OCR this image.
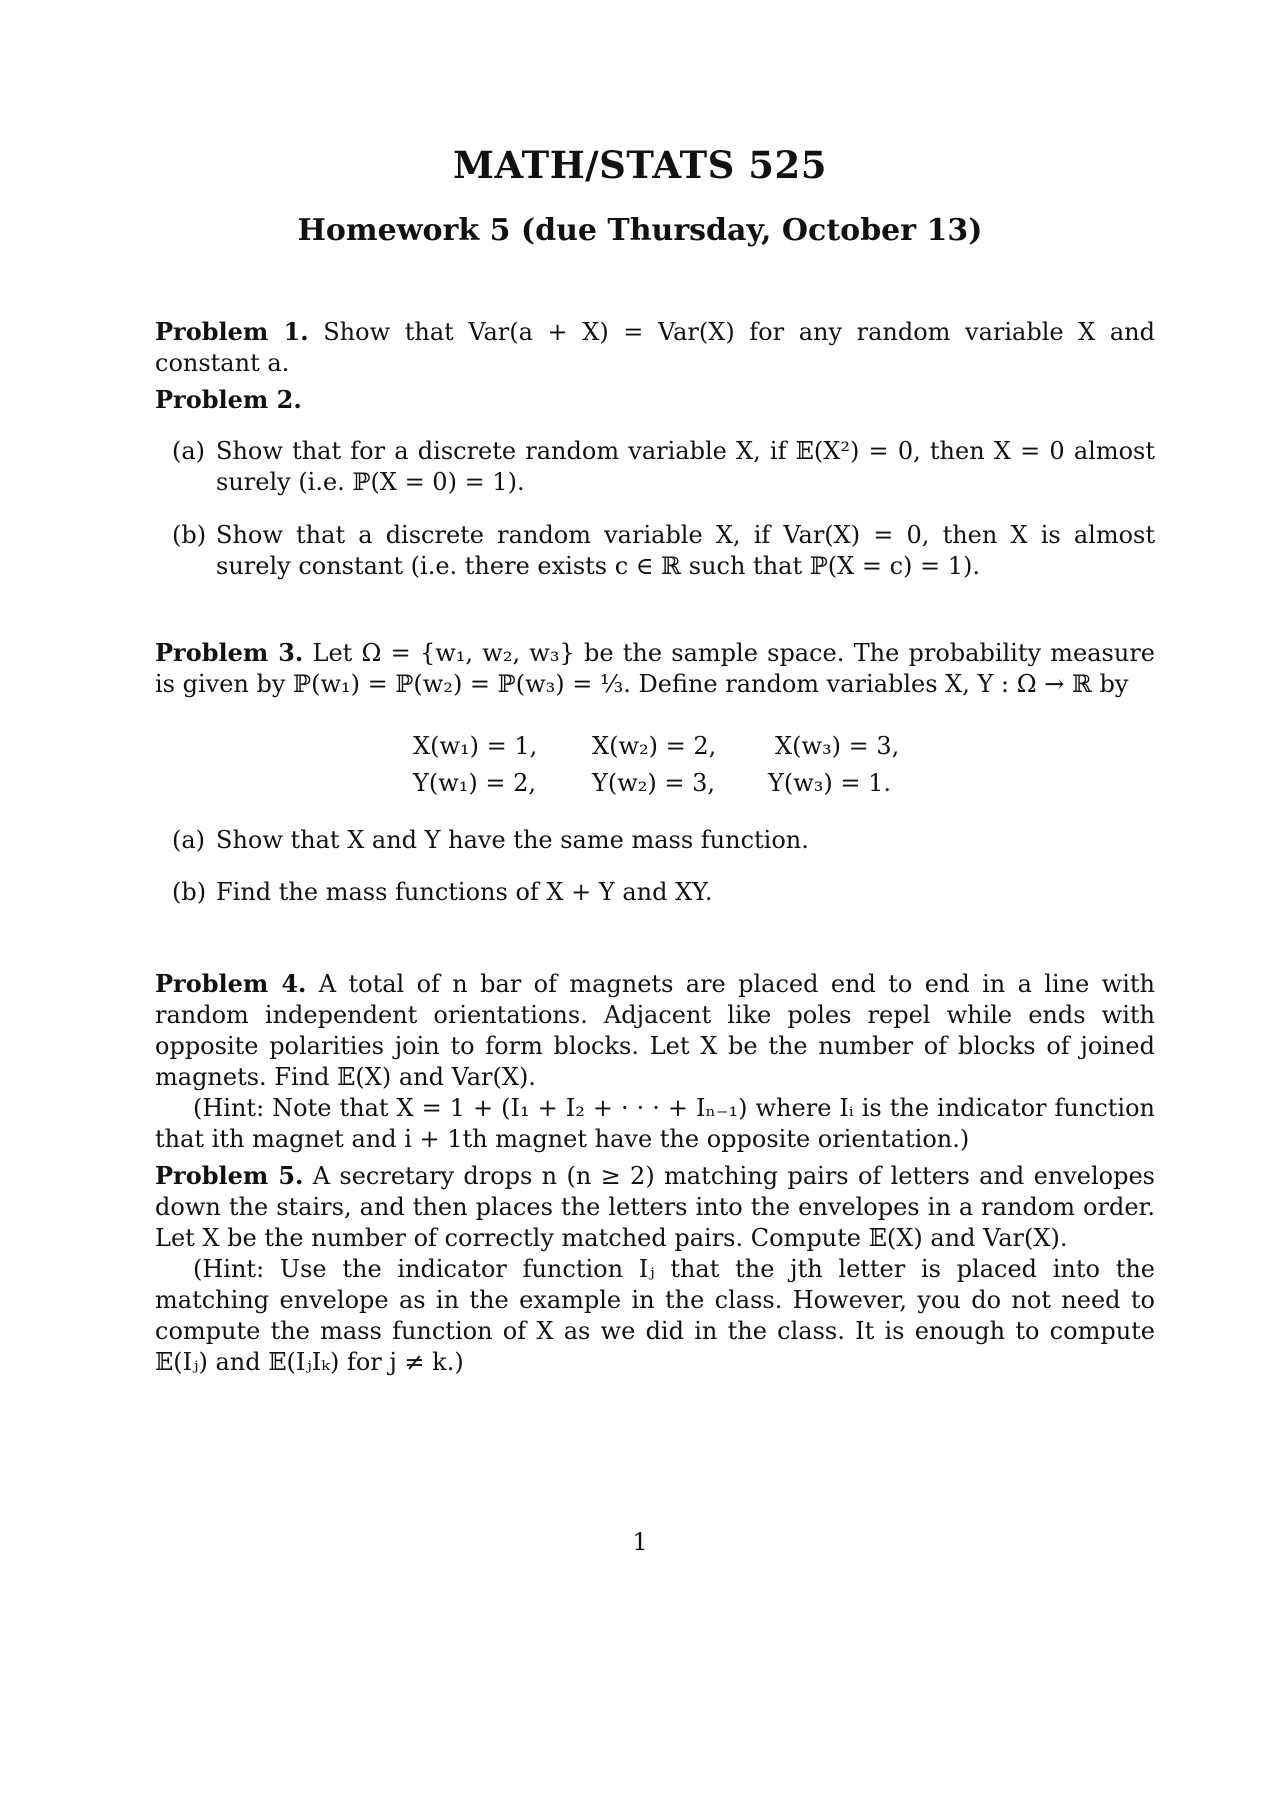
MATH/STATS 525
Homework 5 (due Thursday, October 13)
Problem 1. Show that Var(a + X) = Var(X) for any random variable X and constant a.
Problem 2.
(a) Show that for a discrete random variable X, if 𝔼(X²) = 0, then X = 0 almost surely (i.e. ℙ(X = 0) = 1).
(b) Show that a discrete random variable X, if Var(X) = 0, then X is almost surely constant (i.e. there exists c ∈ ℝ such that ℙ(X = c) = 1).
Problem 3. Let Ω = {w₁, w₂, w₃} be the sample space. The probability measure is given by ℙ(w₁) = ℙ(w₂) = ℙ(w₃) = ⅓. Define random variables X, Y : Ω → ℝ by
X(w₁) = 1, X(w₂) = 2, X(w₃) = 3,
Y(w₁) = 2, Y(w₂) = 3, Y(w₃) = 1.
(a) Show that X and Y have the same mass function.
(b) Find the mass functions of X + Y and XY.
Problem 4. A total of n bar of magnets are placed end to end in a line with random independent orientations. Adjacent like poles repel while ends with opposite polarities join to form blocks. Let X be the number of blocks of joined magnets. Find 𝔼(X) and Var(X).
(Hint: Note that X = 1 + (I₁ + I₂ + · · · + Iₙ₋₁) where Iᵢ is the indicator function that ith magnet and i + 1th magnet have the opposite orientation.)
Problem 5. A secretary drops n (n ≥ 2) matching pairs of letters and envelopes down the stairs, and then places the letters into the envelopes in a random order. Let X be the number of correctly matched pairs. Compute 𝔼(X) and Var(X).
(Hint: Use the indicator function Iⱼ that the jth letter is placed into the matching envelope as in the example in the class. However, you do not need to compute the mass function of X as we did in the class. It is enough to compute 𝔼(Iⱼ) and 𝔼(IⱼIₖ) for j ≠ k.)
1
